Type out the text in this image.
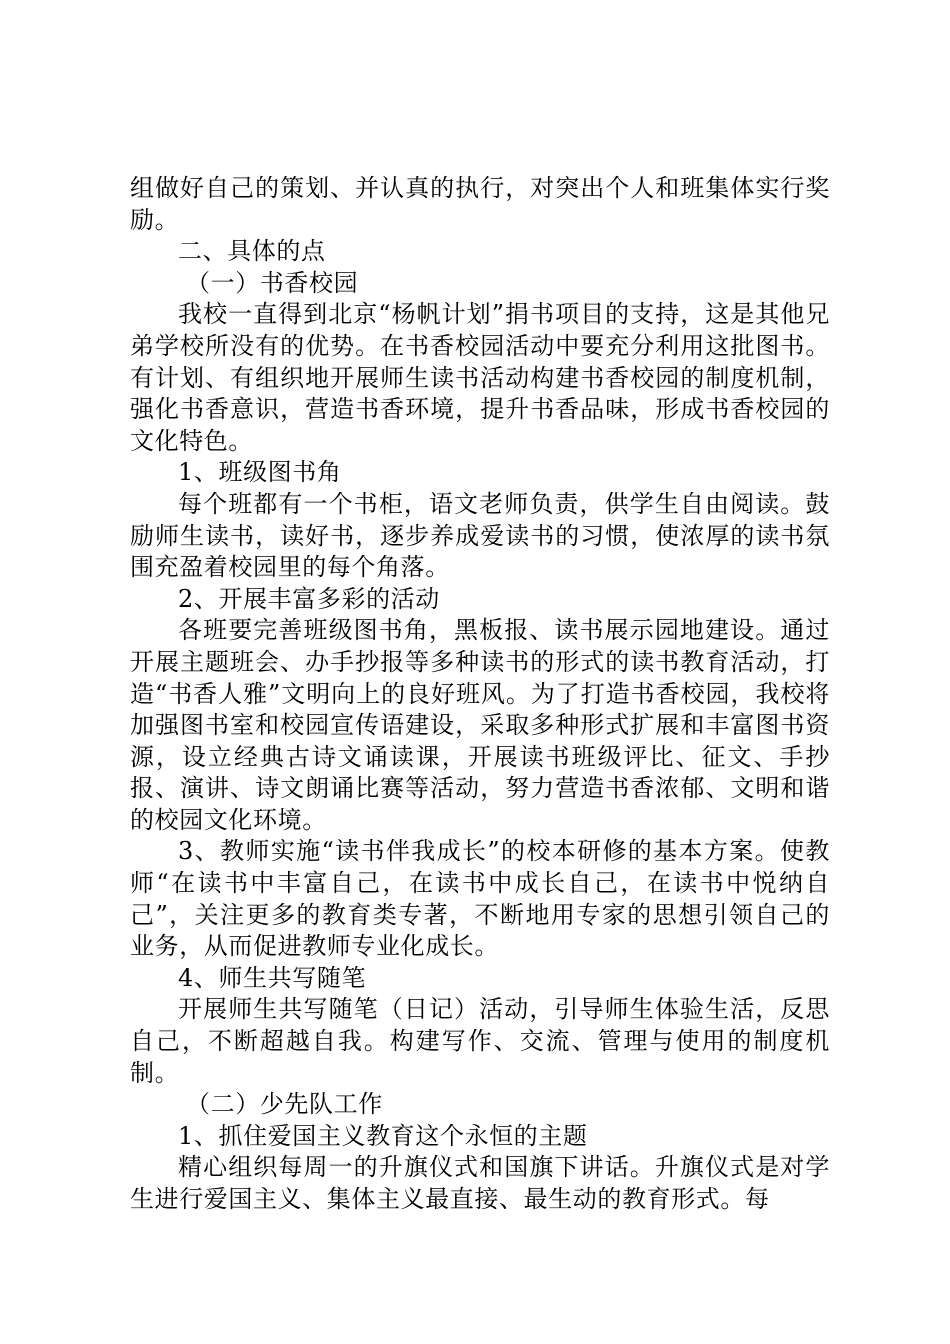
组做好自己的策划、并认真的执行，对突出个人和班集体实行奖励。

二、具体的点

（一）书香校园

我校一直得到北京“杨帆计划”捐书项目的支持，这是其他兄弟学校所没有的优势。在书香校园活动中要充分利用这批图书。有计划、有组织地开展师生读书活动构建书香校园的制度机制，强化书香意识，营造书香环境，提升书香品味，形成书香校园的文化特色。

1、班级图书角

每个班都有一个书柜，语文老师负责，供学生自由阅读。鼓励师生读书，读好书，逐步养成爱读书的习惯，使浓厚的读书氛围充盈着校园里的每个角落。

2、开展丰富多彩的活动

各班要完善班级图书角，黑板报、读书展示园地建设。通过开展主题班会、办手抄报等多种读书的形式的读书教育活动，打造“书香人雅”文明向上的良好班风。为了打造书香校园，我校将加强图书室和校园宣传语建设，采取多种形式扩展和丰富图书资源，设立经典古诗文诵读课，开展读书班级评比、征文、手抄报、演讲、诗文朗诵比赛等活动，努力营造书香浓郁、文明和谐的校园文化环境。

3、教师实施“读书伴我成长”的校本研修的基本方案。使教师“在读书中丰富自己，在读书中成长自己，在读书中悦纳自己”，关注更多的教育类专著，不断地用专家的思想引领自己的业务，从而促进教师专业化成长。

4、师生共写随笔

开展师生共写随笔（日记）活动，引导师生体验生活，反思自己，不断超越自我。构建写作、交流、管理与使用的制度机制。

（二）少先队工作

1、抓住爱国主义教育这个永恒的主题

精心组织每周一的升旗仪式和国旗下讲话。升旗仪式是对学生进行爱国主义、集体主义最直接、最生动的教育形式。每
